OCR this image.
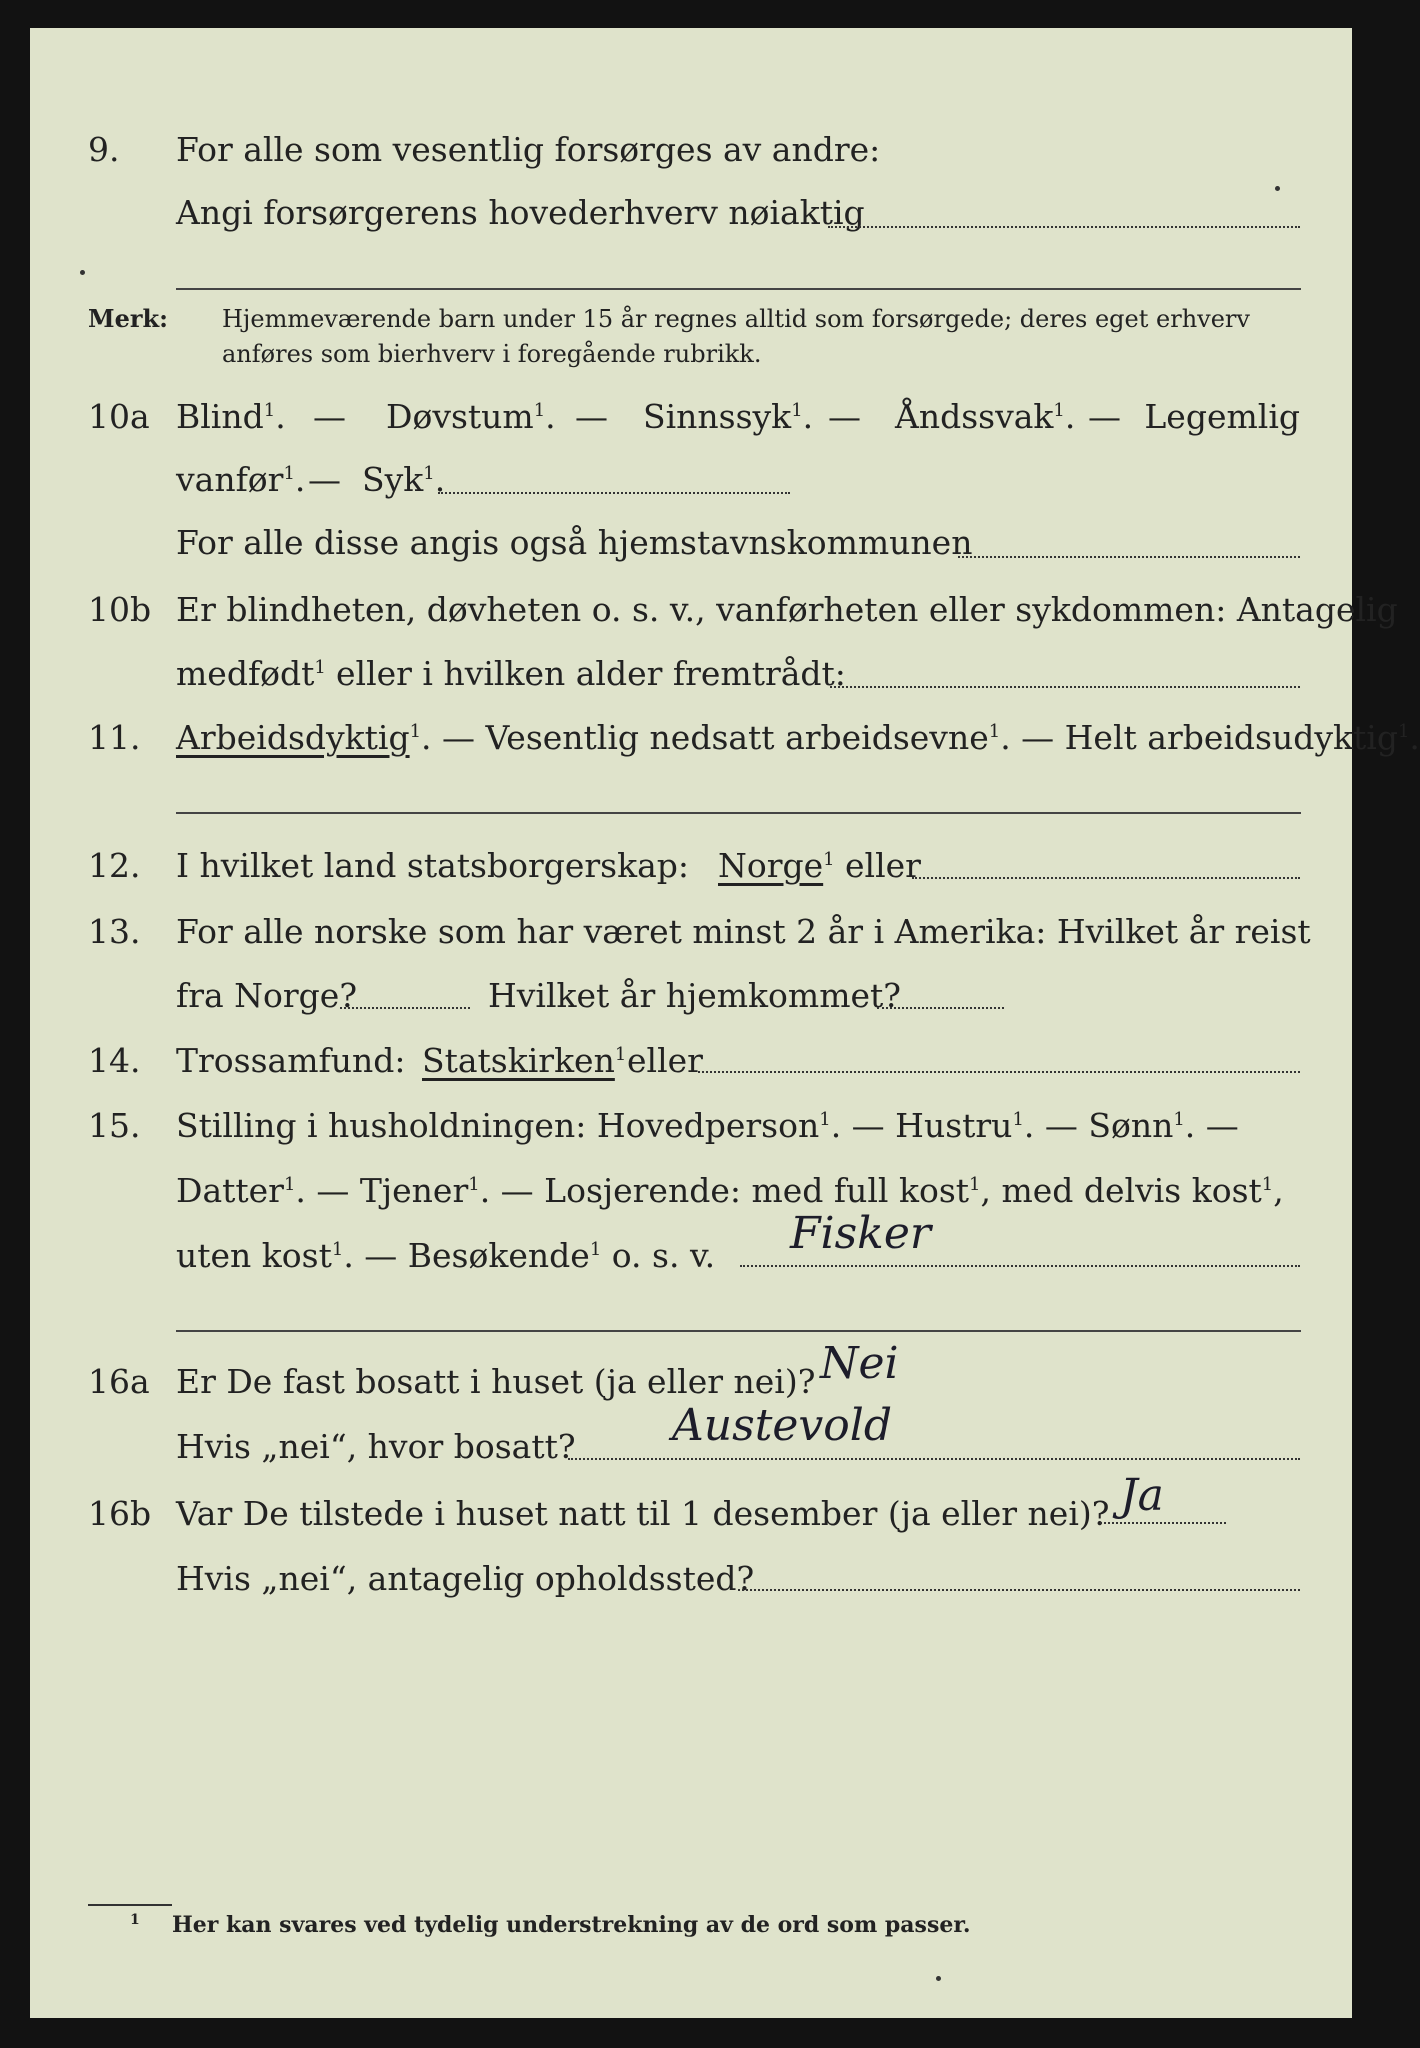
9. For alle som vesentlig forsørges av andre:
Angi forsørgerens hovederhverv nøiaktig
Merk: Hjemmeværende barn under 15 år regnes alltid som forsørgede; deres eget erhverv
anføres som bierhverv i foregående rubrikk.
10a Blind$^1$. — Døvstum$^1$. — Sinnssyk$^1$. — Åndssvak$^1$. — Legemlig
vanfør$^1$. — Syk$^1$.
For alle disse angis også hjemstavnskommunen
10b Er blindheten, døvheten o. s. v., vanførheten eller sykdommen: Antagelig
medfødt$^1$ eller i hvilken alder fremtrådt:
11. Arbeidsdyktig$^1$. — Vesentlig nedsatt arbeidsevne$^1$. — Helt arbeidsudyktig$^1$.
12. I hvilket land statsborgerskap: Norge$^1$ eller
13. For alle norske som har været minst 2 år i Amerika: Hvilket år reist
fra Norge?	Hvilket år hjemkommet?
14. Trossamfund: Statskirken$^1$ eller
15. Stilling i husholdningen: Hovedperson$^1$. — Hustru$^1$. — Sønn$^1$. —
Datter$^1$. — Tjener$^1$. — Losjerende: med full kost$^1$, med delvis kost$^1$,
uten kost$^1$. — Besøkende$^1$ o. s. v. Fisker
16a Er De fast bosatt i huset (ja eller nei)? Nei
Hvis „nei“, hvor bosatt? Austevold
16b Var De tilstede i huset natt til 1 desember (ja eller nei)? Ja
Hvis „nei“, antagelig opholdssted?
1 Her kan svares ved tydelig understrekning av de ord som passer.
